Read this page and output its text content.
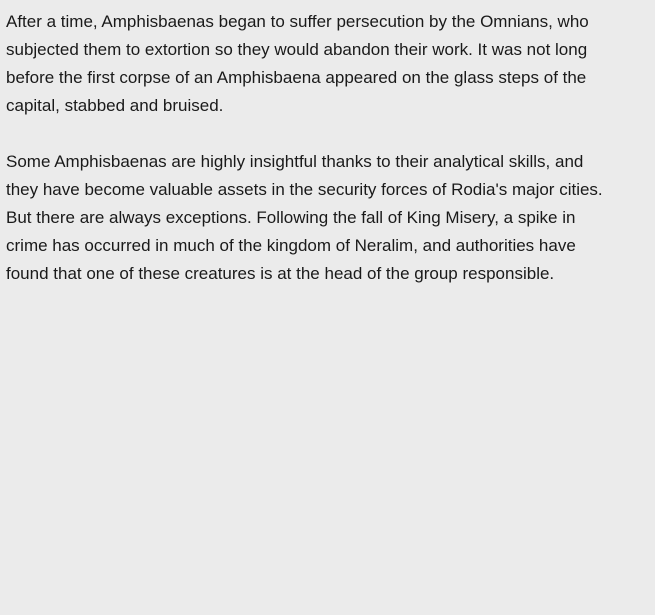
After a time, Amphisbaenas began to suffer persecution by the Omnians, who
subjected them to extortion so they would abandon their work. It was not long
before the first corpse of an Amphisbaena appeared on the glass steps of the
capital, stabbed and bruised.

Some Amphisbaenas are highly insightful thanks to their analytical skills, and
they have become valuable assets in the security forces of Rodia's major cities.
But there are always exceptions. Following the fall of King Misery, a spike in
crime has occurred in much of the kingdom of Neralim, and authorities have
found that one of these creatures is at the head of the group responsible.
